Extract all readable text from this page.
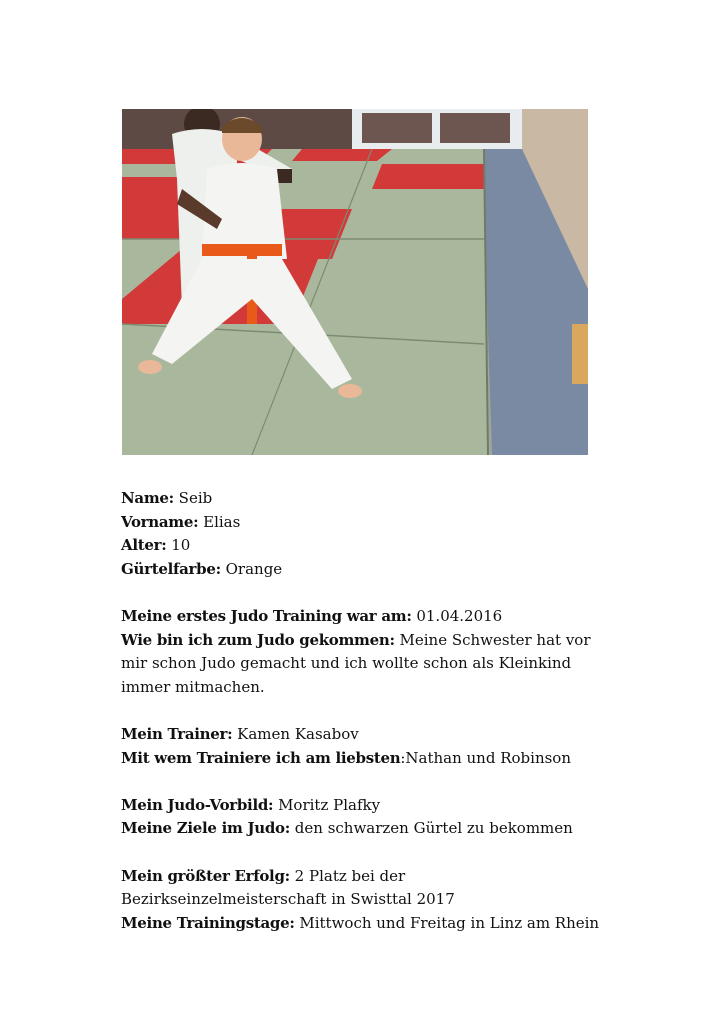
Name: Seib
Vorname: Elias
Alter: 10
Gürtelfarbe: Orange
Meine erstes Judo Training war am: 01.04.2016
Wie bin ich zum Judo gekommen: Meine Schwester hat vor mir schon Judo gemacht und ich wollte schon als Kleinkind immer mitmachen.
Mein Trainer: Kamen Kasabov
Mit wem Trainiere ich am liebsten:Nathan und Robinson
Mein Judo-Vorbild: Moritz Plafky
Meine Ziele im Judo: den schwarzen Gürtel zu bekommen
Mein größter Erfolg: 2 Platz bei der Bezirkseinzelmeisterschaft in Swisttal 2017
Meine Trainingstage: Mittwoch und Freitag in Linz am Rhein
